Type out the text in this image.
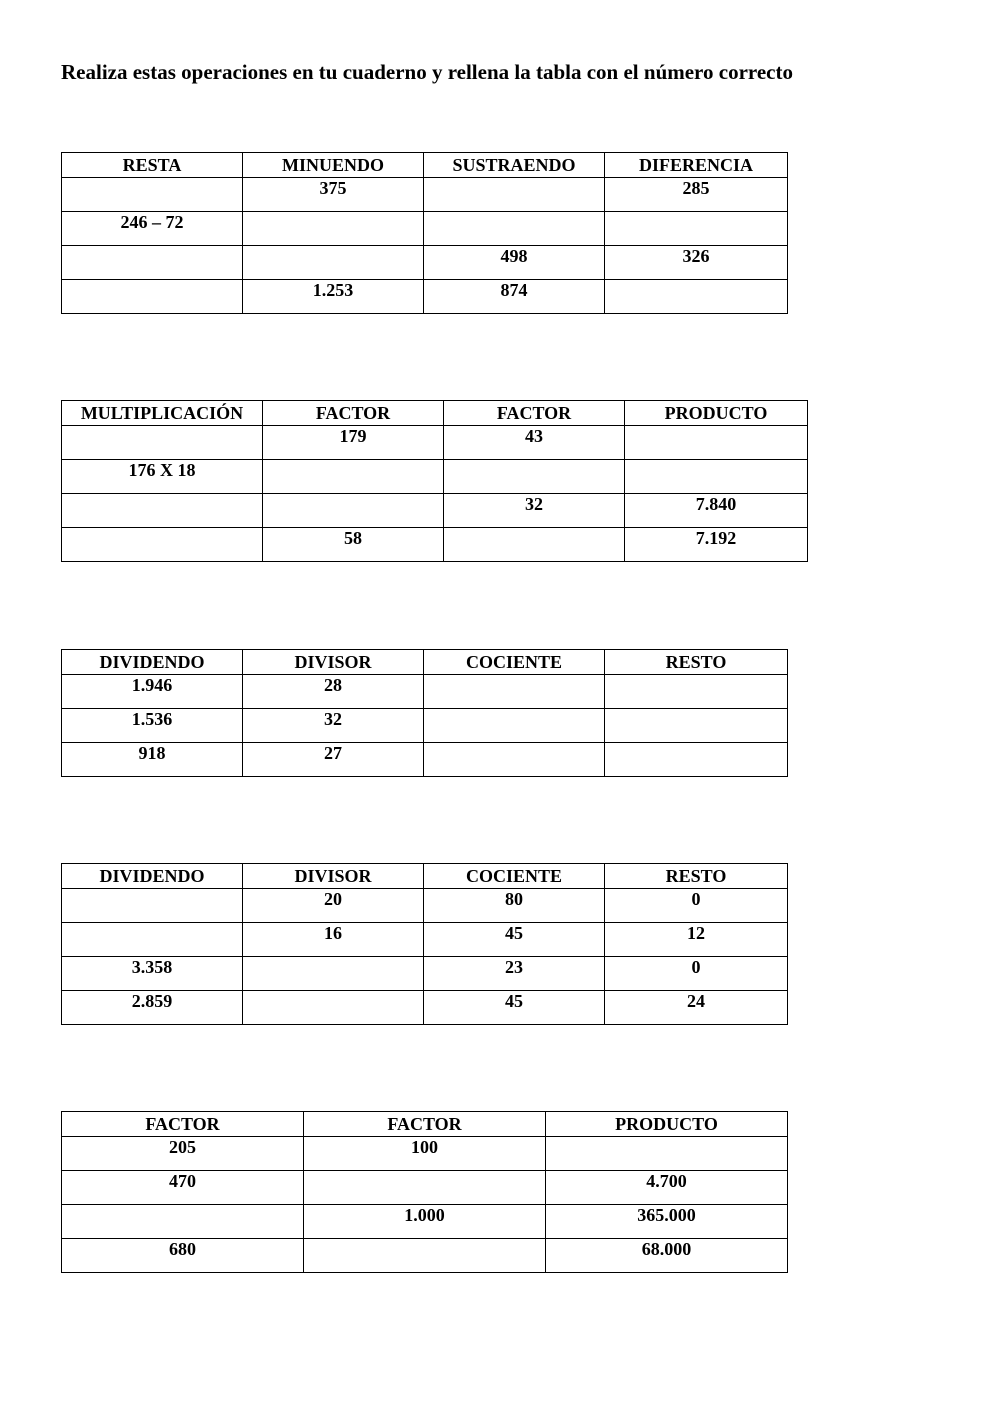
Realiza estas operaciones en tu cuaderno y rellena la tabla con el número correcto
RESTA	MINUENDO	SUSTRAENDO	DIFERENCIA
	375		285
246 – 72			
		498	326
	1.253	874	
MULTIPLICACIÓN	FACTOR	FACTOR	PRODUCTO
	179	43	
176 X 18			
		32	7.840
	58		7.192
DIVIDENDO	DIVISOR	COCIENTE	RESTO
1.946	28		
1.536	32		
918	27		
DIVIDENDO	DIVISOR	COCIENTE	RESTO
	20	80	0
	16	45	12
3.358		23	0
2.859		45	24
FACTOR	FACTOR	PRODUCTO
205	100	
470		4.700
	1.000	365.000
680		68.000
